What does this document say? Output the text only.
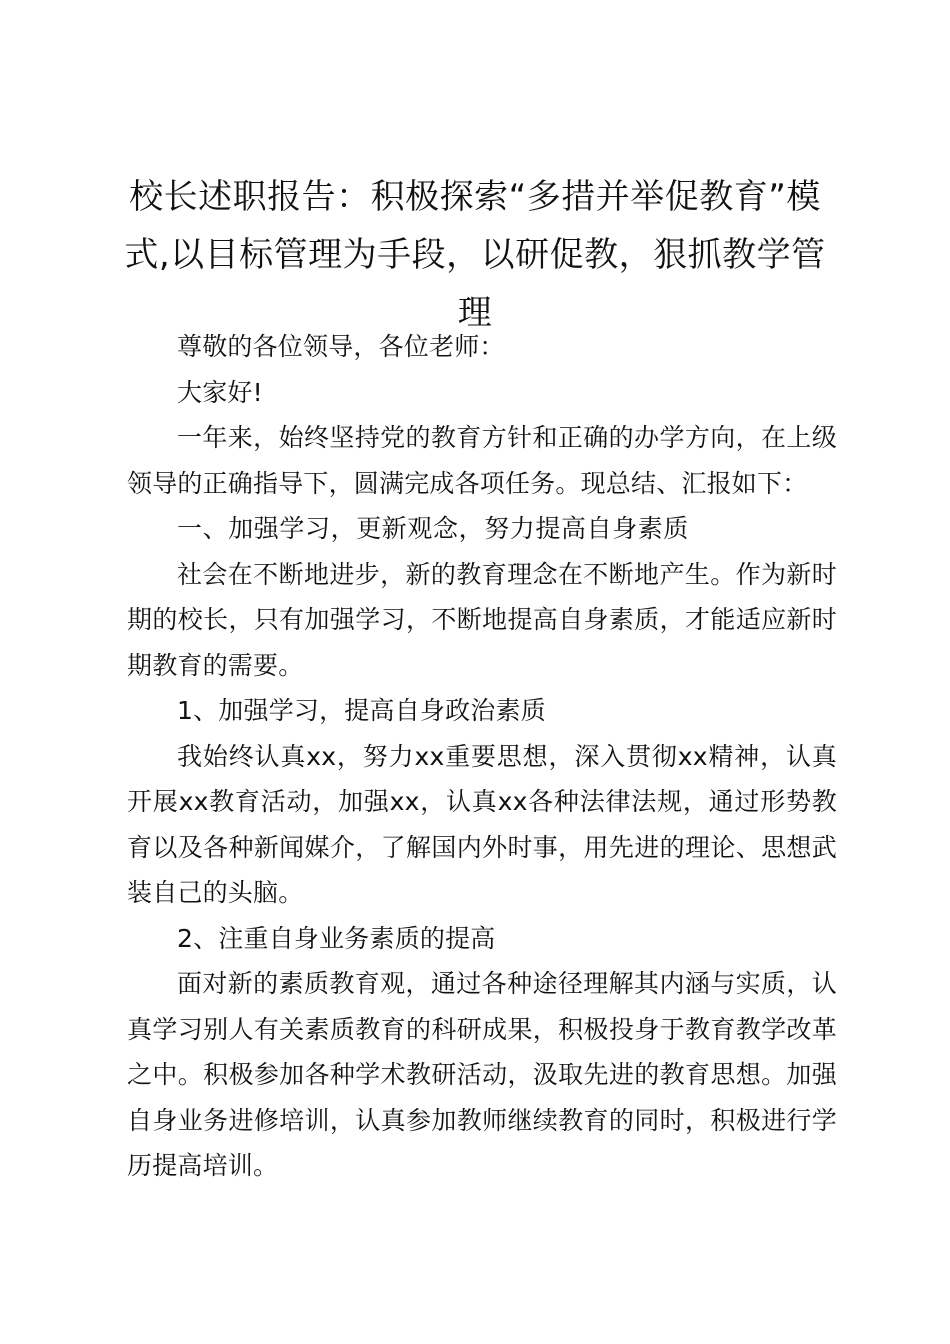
校长述职报告：积极探索“多措并举促教育”模式,以目标管理为手段，以研促教，狠抓教学管理

尊敬的各位领导，各位老师：

大家好!

一年来，始终坚持党的教育方针和正确的办学方向，在上级领导的正确指导下，圆满完成各项任务。现总结、汇报如下：

一、加强学习，更新观念，努力提高自身素质

社会在不断地进步，新的教育理念在不断地产生。作为新时期的校长，只有加强学习，不断地提高自身素质，才能适应新时期教育的需要。

1、加强学习，提高自身政治素质

我始终认真xx，努力xx重要思想，深入贯彻xx精神，认真开展xx教育活动，加强xx，认真xx各种法律法规，通过形势教育以及各种新闻媒介，了解国内外时事，用先进的理论、思想武装自己的头脑。

2、注重自身业务素质的提高

面对新的素质教育观，通过各种途径理解其内涵与实质，认真学习别人有关素质教育的科研成果，积极投身于教育教学改革之中。积极参加各种学术教研活动，汲取先进的教育思想。加强自身业务进修培训，认真参加教师继续教育的同时，积极进行学历提高培训。
